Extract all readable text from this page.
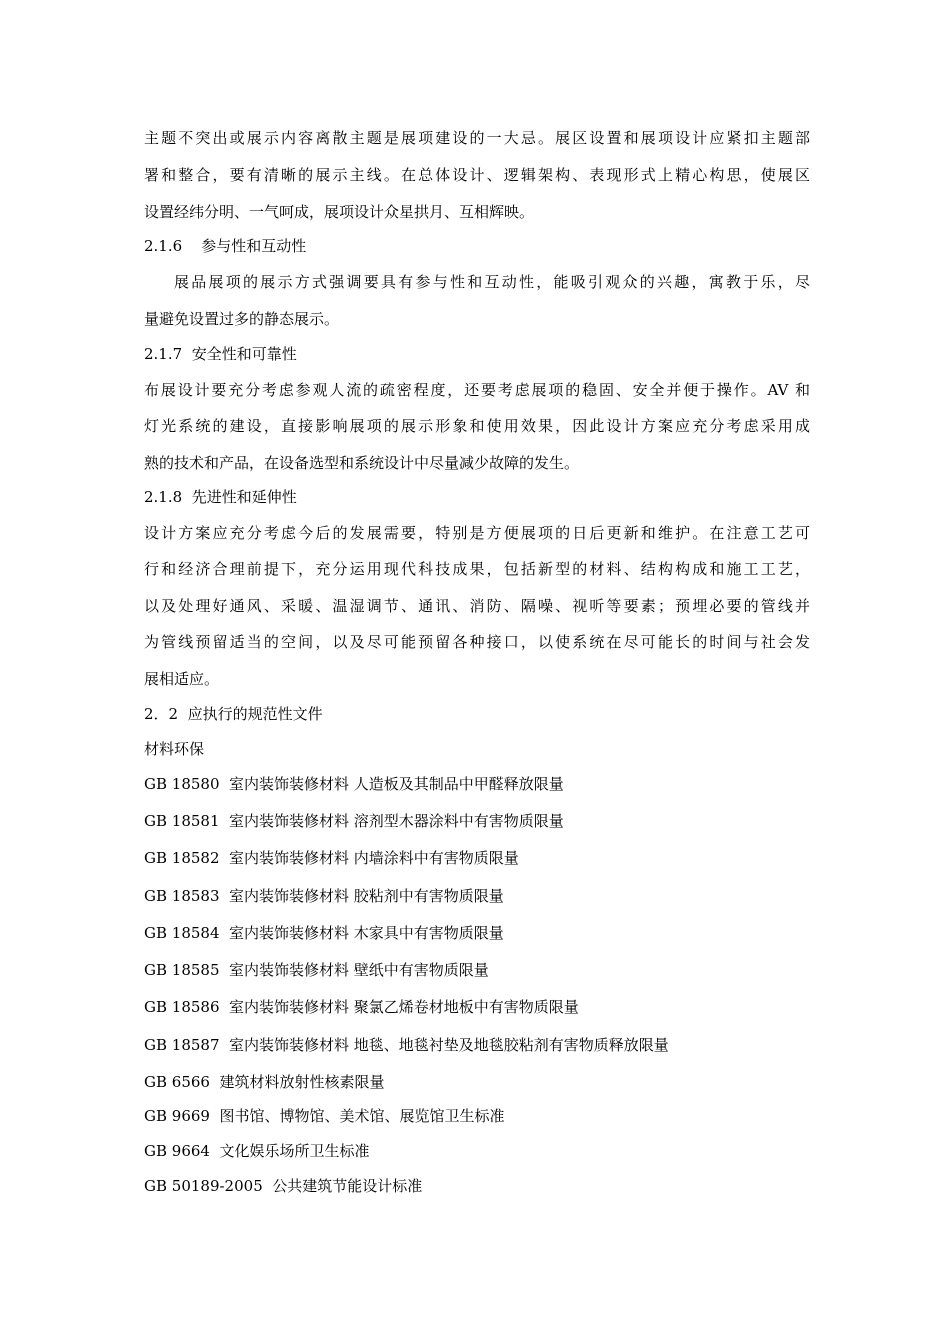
主题不突出或展示内容离散主题是展项建设的一大忌。展区设置和展项设计应紧扣主题部
署和整合，要有清晰的展示主线。在总体设计、逻辑架构、表现形式上精心构思，使展区
设置经纬分明、一气呵成，展项设计众星拱月、互相辉映。
2.1.6    参与性和互动性
展品展项的展示方式强调要具有参与性和互动性，能吸引观众的兴趣，寓教于乐，尽
量避免设置过多的静态展示。
2.1.7  安全性和可靠性
布展设计要充分考虑参观人流的疏密程度，还要考虑展项的稳固、安全并便于操作。AV 和
灯光系统的建设，直接影响展项的展示形象和使用效果，因此设计方案应充分考虑采用成
熟的技术和产品，在设备选型和系统设计中尽量减少故障的发生。
2.1.8  先进性和延伸性
设计方案应充分考虑今后的发展需要，特别是方便展项的日后更新和维护。在注意工艺可
行和经济合理前提下，充分运用现代科技成果，包括新型的材料、结构构成和施工工艺，
以及处理好通风、采暖、温湿调节、通讯、消防、隔噪、视听等要素；预埋必要的管线并
为管线预留适当的空间，以及尽可能预留各种接口，以使系统在尽可能长的时间与社会发
展相适应。
2．2  应执行的规范性文件
材料环保
GB 18580  室内装饰装修材料 人造板及其制品中甲醛释放限量
GB 18581  室内装饰装修材料 溶剂型木器涂料中有害物质限量
GB 18582  室内装饰装修材料 内墙涂料中有害物质限量
GB 18583  室内装饰装修材料 胶粘剂中有害物质限量
GB 18584  室内装饰装修材料 木家具中有害物质限量
GB 18585  室内装饰装修材料 壁纸中有害物质限量
GB 18586  室内装饰装修材料 聚氯乙烯卷材地板中有害物质限量
GB 18587  室内装饰装修材料 地毯、地毯衬垫及地毯胶粘剂有害物质释放限量
GB 6566  建筑材料放射性核素限量
GB 9669  图书馆、博物馆、美术馆、展览馆卫生标准
GB 9664  文化娱乐场所卫生标准
GB 50189-2005  公共建筑节能设计标准
